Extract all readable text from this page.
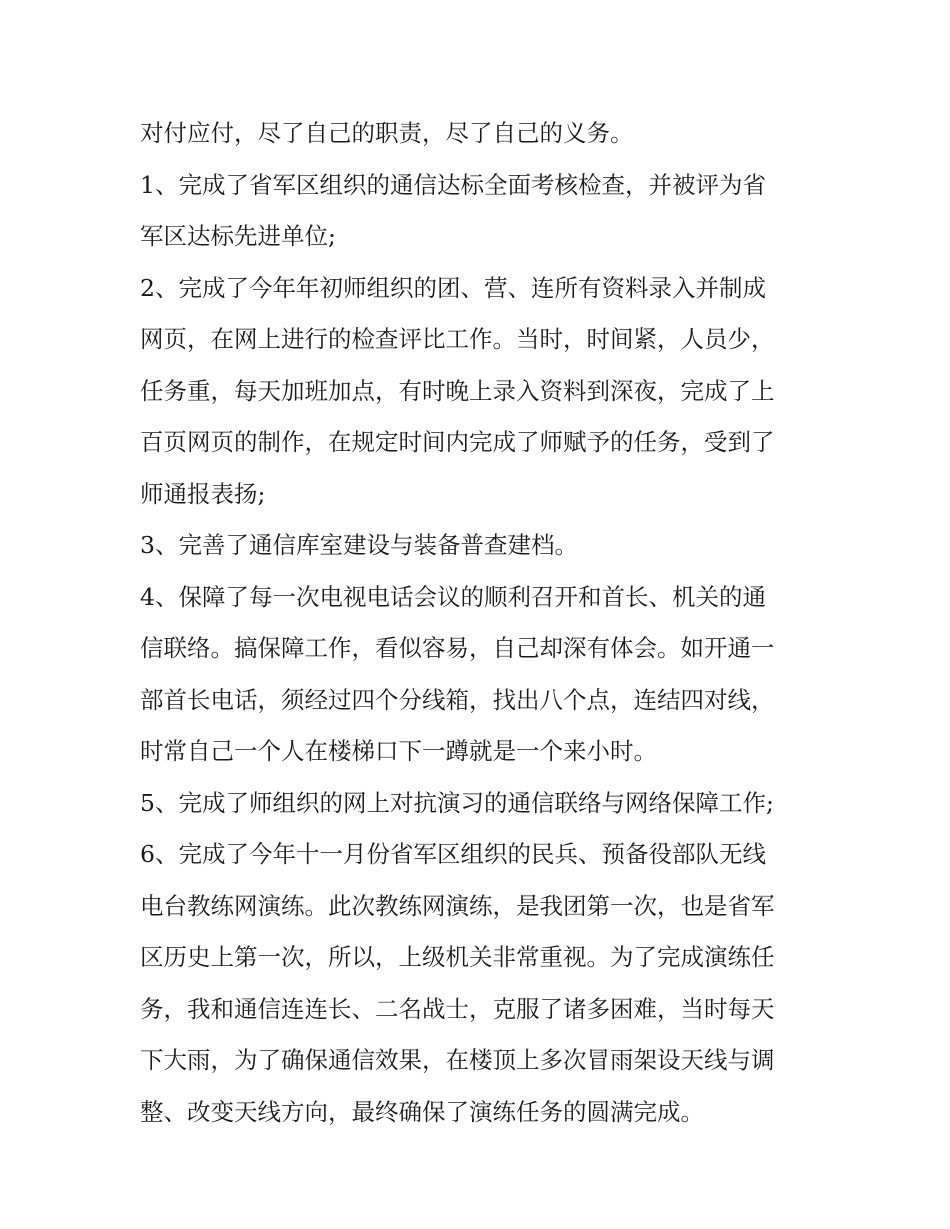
对付应付，尽了自己的职责，尽了自己的义务。
1、完成了省军区组织的通信达标全面考核检查，并被评为省
军区达标先进单位;
2、完成了今年年初师组织的团、营、连所有资料录入并制成
网页，在网上进行的检查评比工作。当时，时间紧，人员少，
任务重，每天加班加点，有时晚上录入资料到深夜，完成了上
百页网页的制作，在规定时间内完成了师赋予的任务，受到了
师通报表扬;
3、完善了通信库室建设与装备普查建档。
4、保障了每一次电视电话会议的顺利召开和首长、机关的通
信联络。搞保障工作，看似容易，自己却深有体会。如开通一
部首长电话，须经过四个分线箱，找出八个点，连结四对线，
时常自己一个人在楼梯口下一蹲就是一个来小时。
5、完成了师组织的网上对抗演习的通信联络与网络保障工作;
6、完成了今年十一月份省军区组织的民兵、预备役部队无线
电台教练网演练。此次教练网演练，是我团第一次，也是省军
区历史上第一次，所以，上级机关非常重视。为了完成演练任
务，我和通信连连长、二名战士，克服了诸多困难，当时每天
下大雨，为了确保通信效果，在楼顶上多次冒雨架设天线与调
整、改变天线方向，最终确保了演练任务的圆满完成。
